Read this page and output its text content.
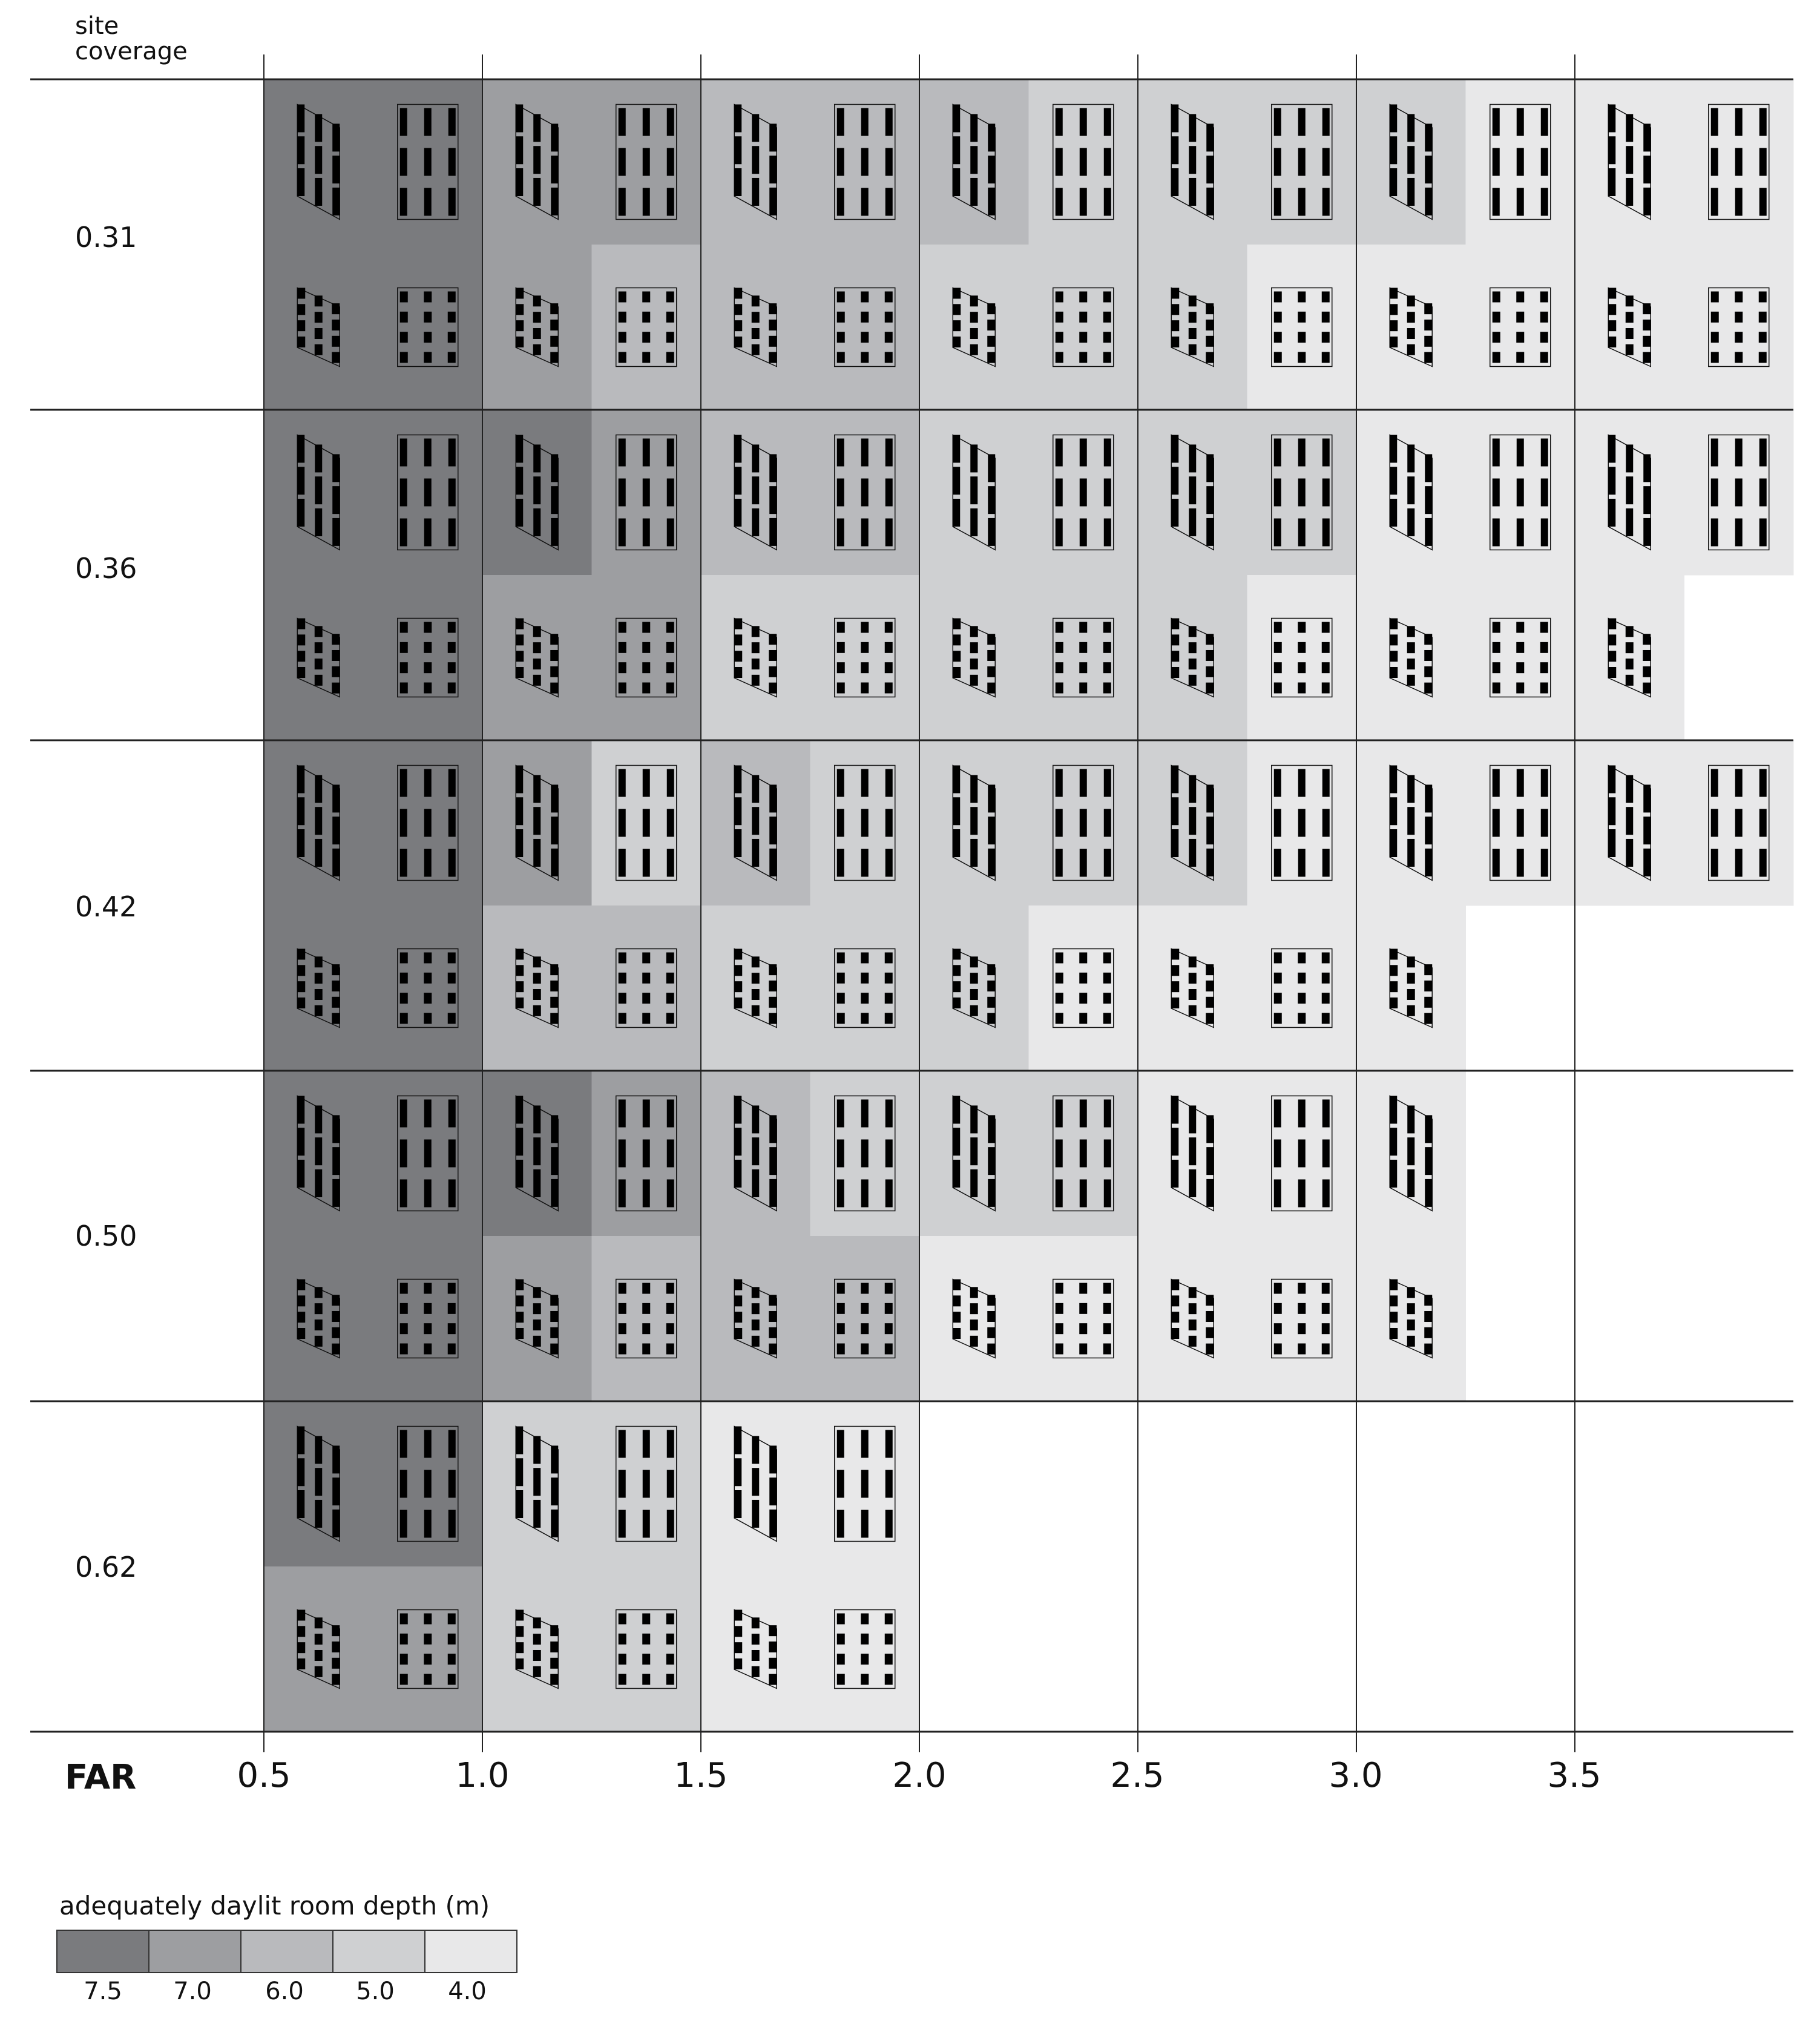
site
coverage
0.31
0.36
0.42
0.50
0.62
FAR	0.5	1.0	1.5	2.0	2.5	3.0	3.5
adequately daylit room depth (m)
7.5 7.0 6.0 5.0 4.0
